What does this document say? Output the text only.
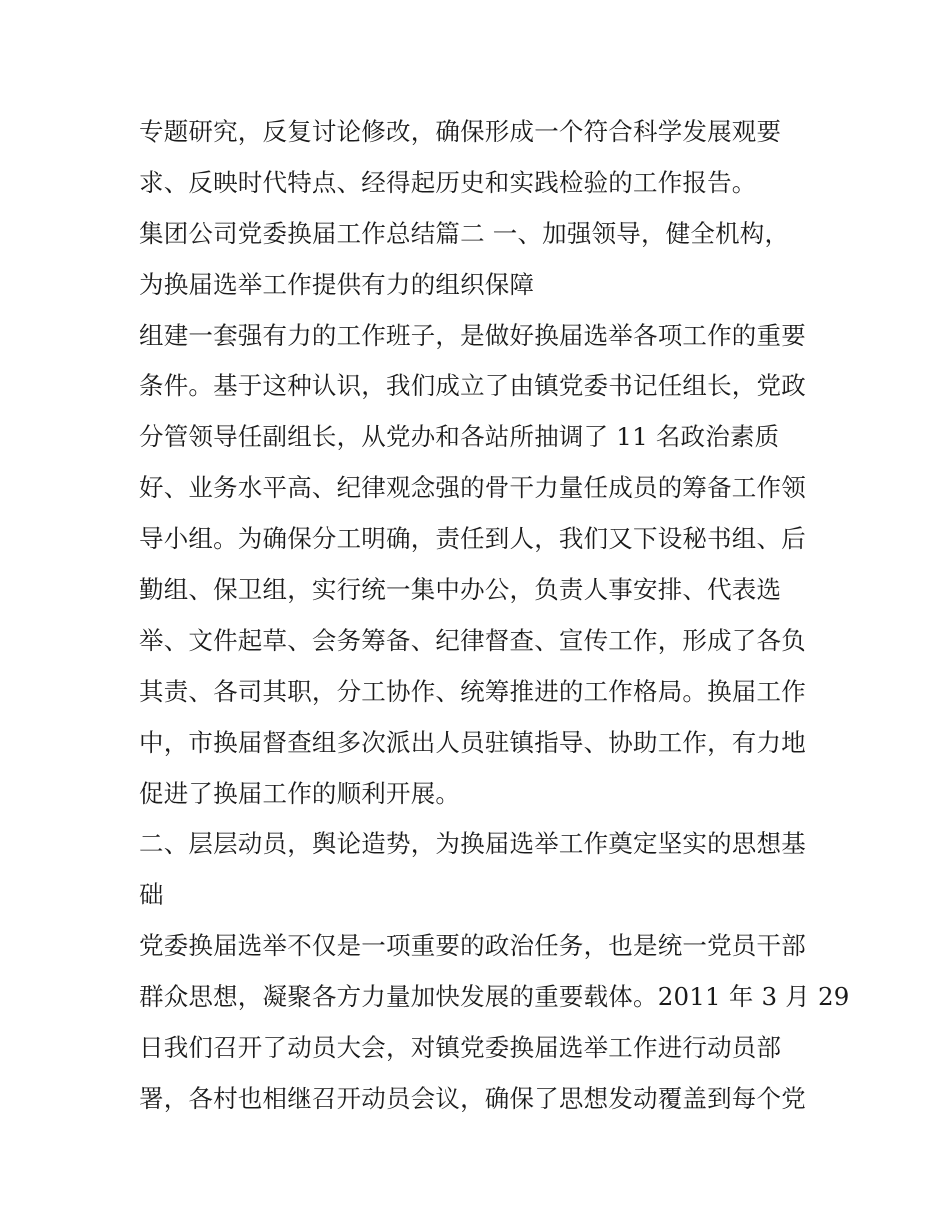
专题研究，反复讨论修改，确保形成一个符合科学发展观要
求、反映时代特点、经得起历史和实践检验的工作报告。
集团公司党委换届工作总结篇二 一、加强领导，健全机构，
为换届选举工作提供有力的组织保障
组建一套强有力的工作班子，是做好换届选举各项工作的重要
条件。基于这种认识，我们成立了由镇党委书记任组长，党政
分管领导任副组长，从党办和各站所抽调了 11 名政治素质
好、业务水平高、纪律观念强的骨干力量任成员的筹备工作领
导小组。为确保分工明确，责任到人，我们又下设秘书组、后
勤组、保卫组，实行统一集中办公，负责人事安排、代表选
举、文件起草、会务筹备、纪律督查、宣传工作，形成了各负
其责、各司其职，分工协作、统筹推进的工作格局。换届工作
中，市换届督查组多次派出人员驻镇指导、协助工作，有力地
促进了换届工作的顺利开展。
二、层层动员，舆论造势，为换届选举工作奠定坚实的思想基
础
党委换届选举不仅是一项重要的政治任务，也是统一党员干部
群众思想，凝聚各方力量加快发展的重要载体。2011 年 3 月 29
日我们召开了动员大会，对镇党委换届选举工作进行动员部
署，各村也相继召开动员会议，确保了思想发动覆盖到每个党
